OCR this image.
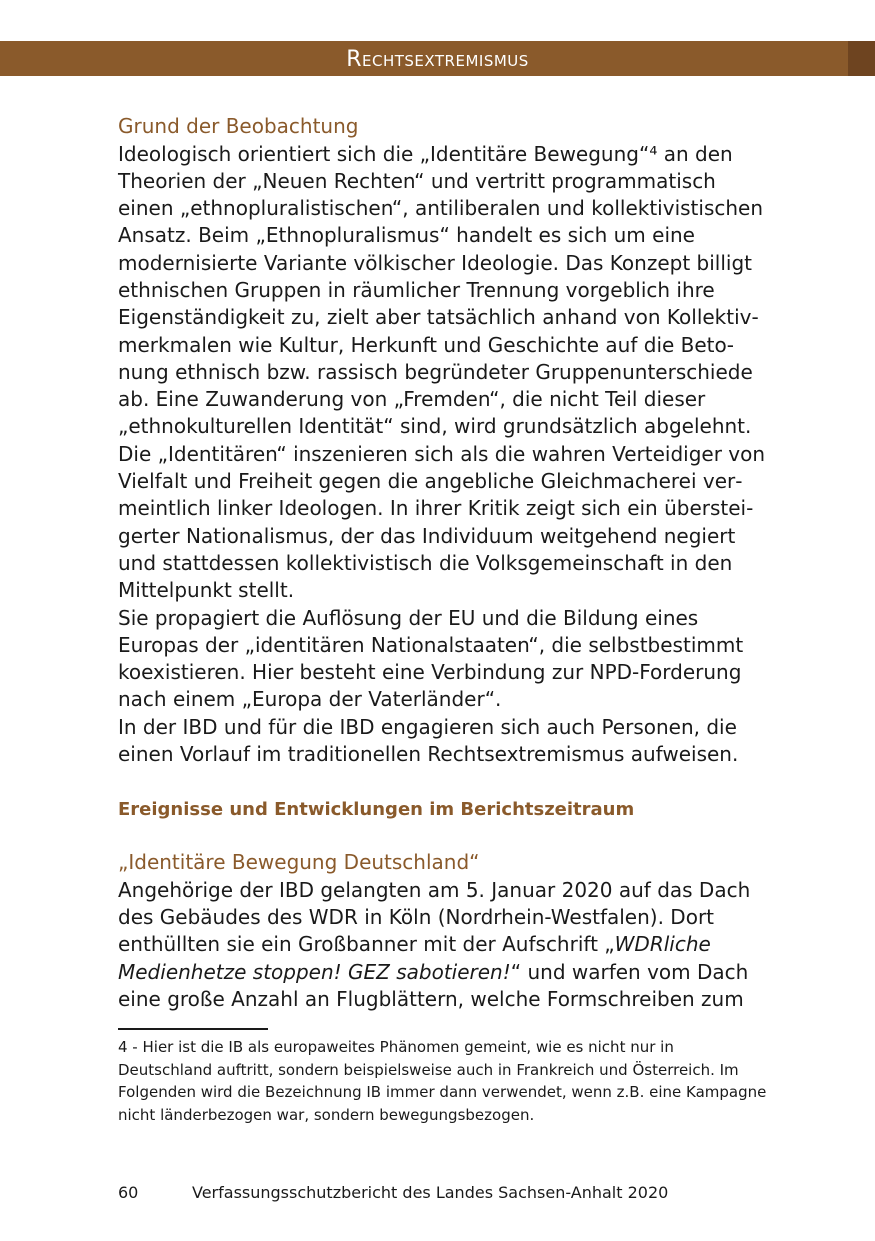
Rechtsextremismus

Grund der Beobachtung

Ideologisch orientiert sich die „Identitäre Bewegung“⁴ an den Theorien der „Neuen Rechten“ und vertritt programmatisch einen „ethnopluralistischen“, antiliberalen und kollektivistischen Ansatz. Beim „Ethnopluralismus“ handelt es sich um eine modernisierte Variante völkischer Ideologie. Das Konzept billigt ethnischen Gruppen in räumlicher Trennung vorgeblich ihre Eigenständigkeit zu, zielt aber tatsächlich anhand von Kollektivmerkmalen wie Kultur, Herkunft und Geschichte auf die Betonung ethnisch bzw. rassisch begründeter Gruppenunterschiede ab. Eine Zuwanderung von „Fremden“, die nicht Teil dieser „ethnokulturellen Identität“ sind, wird grundsätzlich abgelehnt. Die „Identitären“ inszenieren sich als die wahren Verteidiger von Vielfalt und Freiheit gegen die angebliche Gleichmacherei vermeintlich linker Ideologen. In ihrer Kritik zeigt sich ein übersteigerter Nationalismus, der das Individuum weitgehend negiert und stattdessen kollektivistisch die Volksgemeinschaft in den Mittelpunkt stellt.

Sie propagiert die Auflösung der EU und die Bildung eines Europas der „identitären Nationalstaaten“, die selbstbestimmt koexistieren. Hier besteht eine Verbindung zur NPD-Forderung nach einem „Europa der Vaterländer“.

In der IBD und für die IBD engagieren sich auch Personen, die einen Vorlauf im traditionellen Rechtsextremismus aufweisen.

Ereignisse und Entwicklungen im Berichtszeitraum

„Identitäre Bewegung Deutschland“

Angehörige der IBD gelangten am 5. Januar 2020 auf das Dach des Gebäudes des WDR in Köln (Nordrhein-Westfalen). Dort enthüllten sie ein Großbanner mit der Aufschrift „WDRliche Medienhetze stoppen! GEZ sabotieren!“ und warfen vom Dach eine große Anzahl an Flugblättern, welche Formschreiben zum

4 - Hier ist die IB als europaweites Phänomen gemeint, wie es nicht nur in Deutschland auftritt, sondern beispielsweise auch in Frankreich und Österreich. Im Folgenden wird die Bezeichnung IB immer dann verwendet, wenn z.B. eine Kampagne nicht länderbezogen war, sondern bewegungsbezogen.
60	Verfassungsschutzbericht des Landes Sachsen-Anhalt 2020
